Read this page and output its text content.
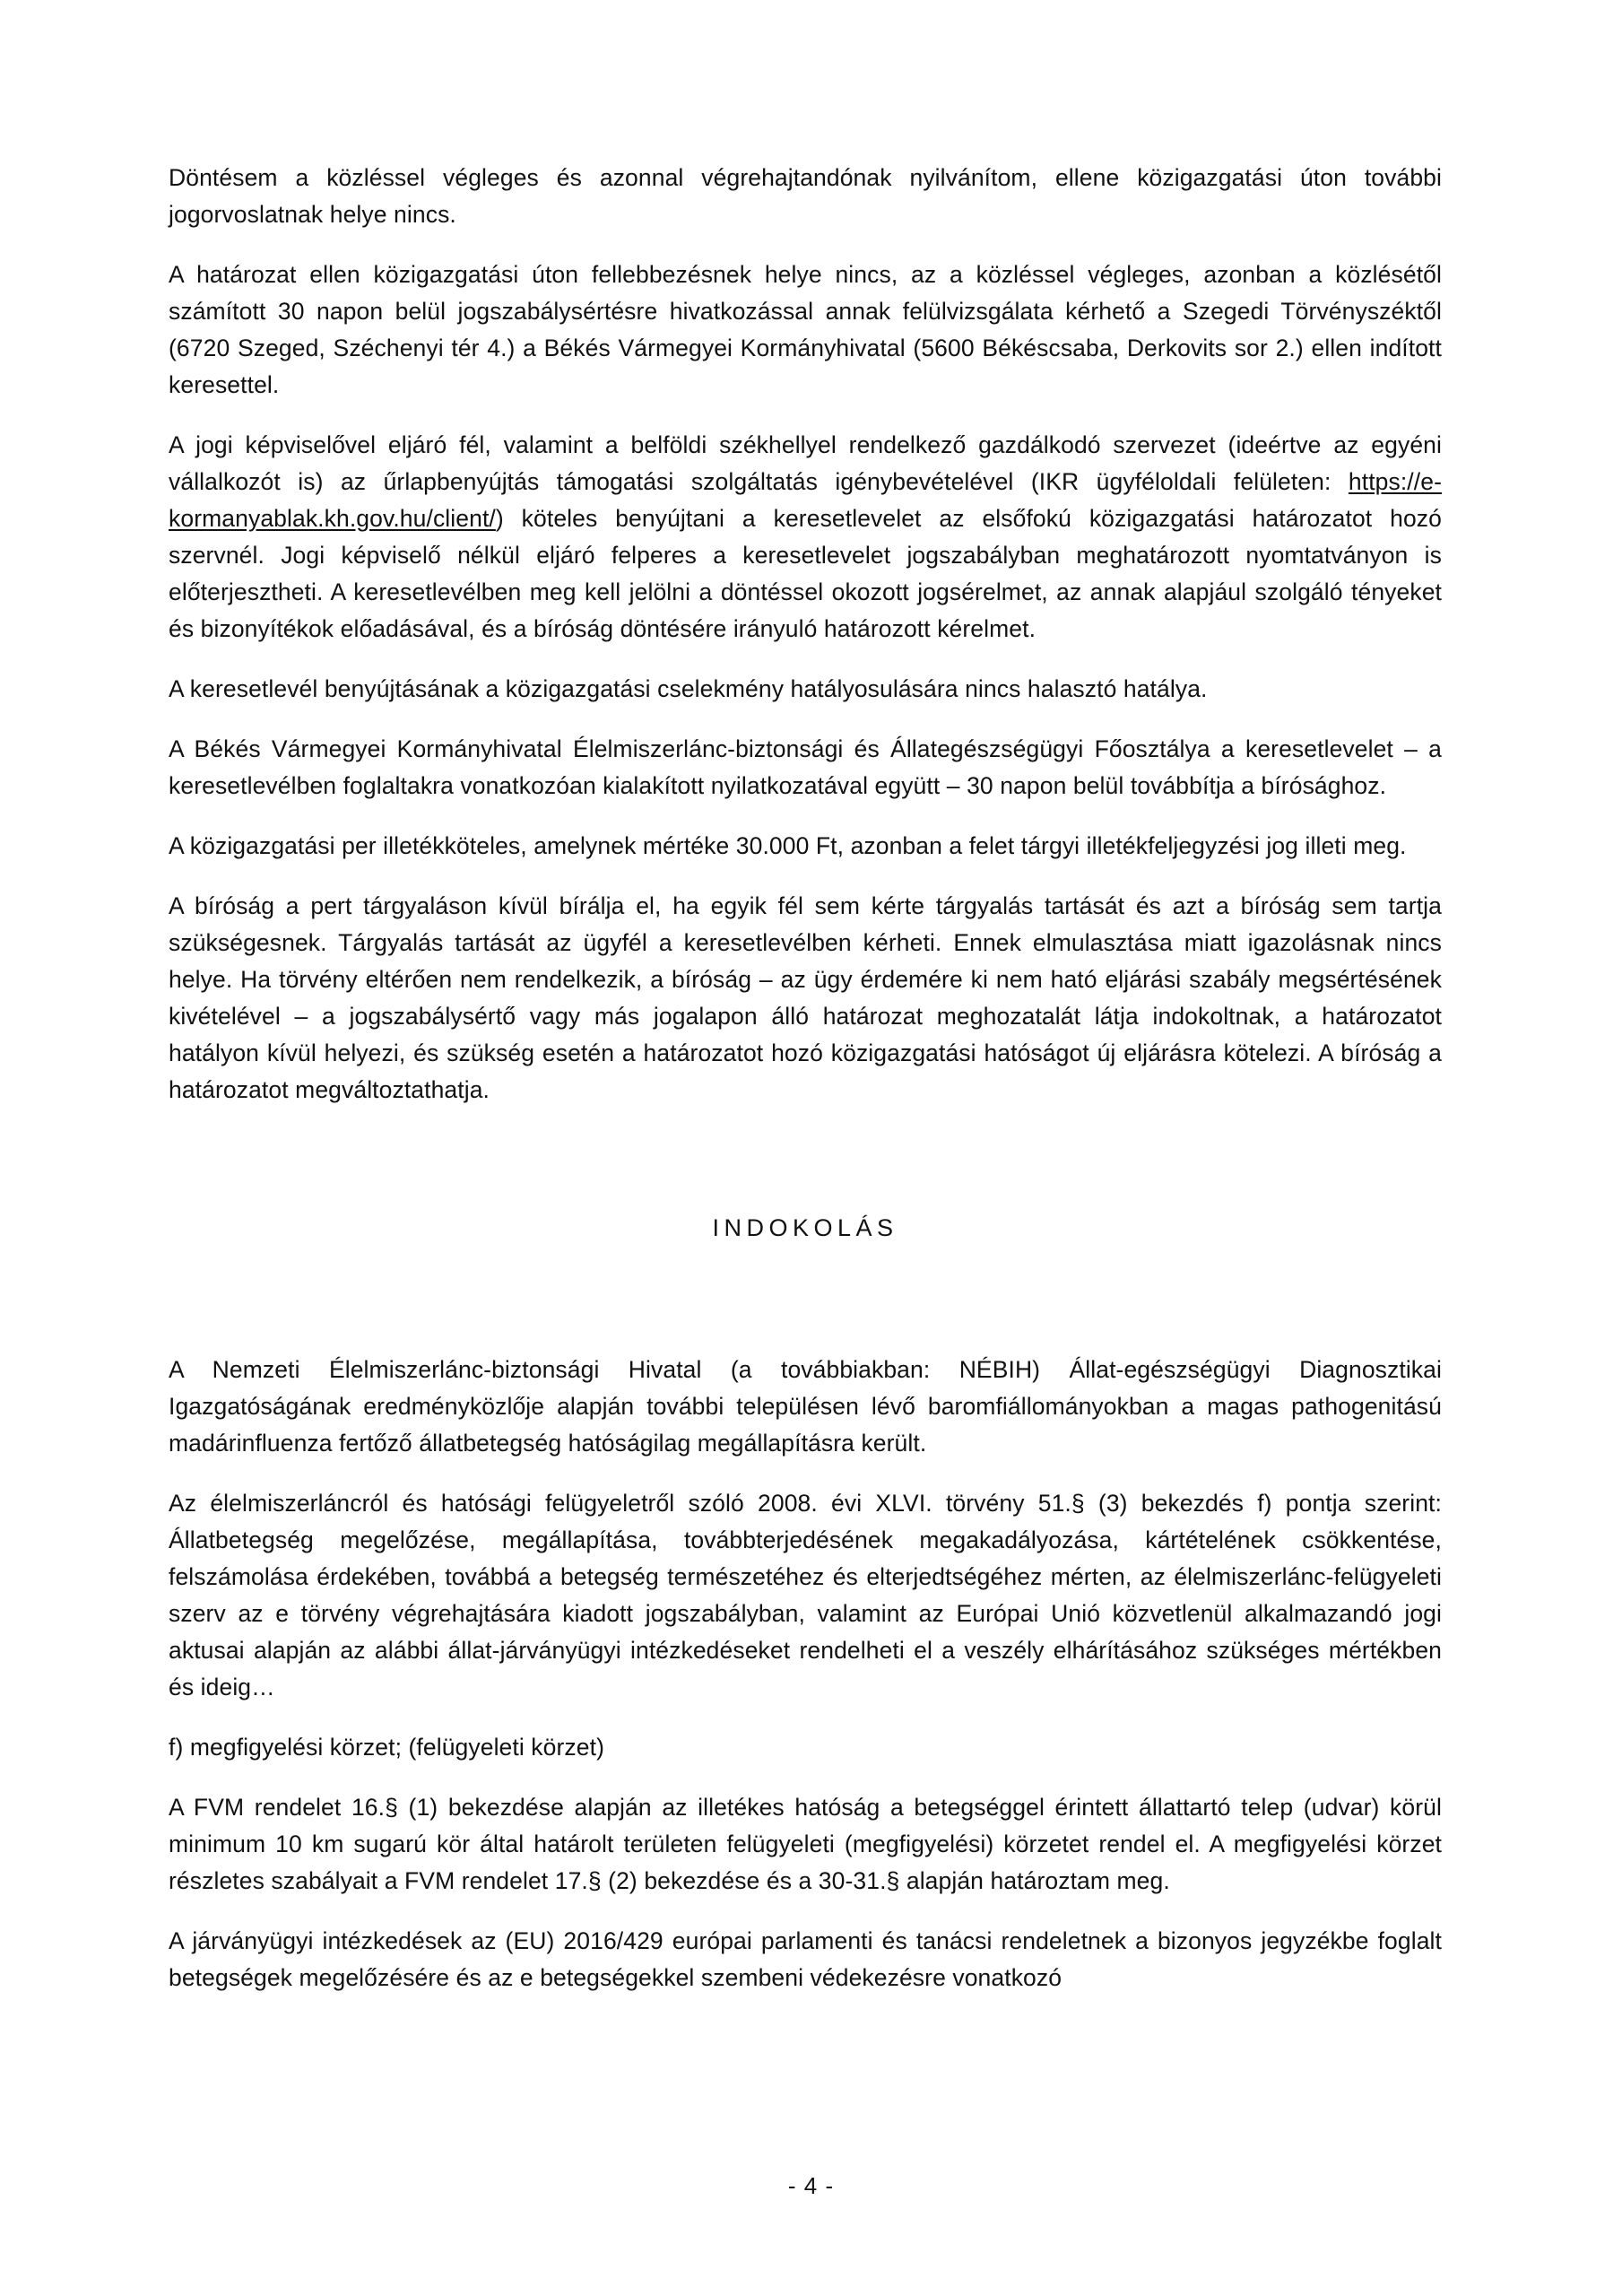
Döntésem a közléssel végleges és azonnal végrehajtandónak nyilvánítom, ellene közigazgatási úton további jogorvoslatnak helye nincs.

A határozat ellen közigazgatási úton fellebbezésnek helye nincs, az a közléssel végleges, azonban a közlésétől számított 30 napon belül jogszabálysértésre hivatkozással annak felülvizsgálata kérhető a Szegedi Törvényszéktől (6720 Szeged, Széchenyi tér 4.) a Békés Vármegyei Kormányhivatal (5600 Békéscsaba, Derkovits sor 2.) ellen indított keresettel.

A jogi képviselővel eljáró fél, valamint a belföldi székhellyel rendelkező gazdálkodó szervezet (ideértve az egyéni vállalkozót is) az űrlapbenyújtás támogatási szolgáltatás igénybevételével (IKR ügyféloldali felületen: https://e-kormanyablak.kh.gov.hu/client/) köteles benyújtani a keresetlevelet az elsőfokú közigazgatási határozatot hozó szervnél. Jogi képviselő nélkül eljáró felperes a keresetlevelet jogszabályban meghatározott nyomtatványon is előterjesztheti. A keresetlevélben meg kell jelölni a döntéssel okozott jogsérelmet, az annak alapjául szolgáló tényeket és bizonyítékok előadásával, és a bíróság döntésére irányuló határozott kérelmet.

A keresetlevél benyújtásának a közigazgatási cselekmény hatályosulására nincs halasztó hatálya.

A Békés Vármegyei Kormányhivatal Élelmiszerlánc-biztonsági és Állategészségügyi Főosztálya a keresetlevelet – a keresetlevélben foglaltakra vonatkozóan kialakított nyilatkozatával együtt – 30 napon belül továbbítja a bírósághoz.

A közigazgatási per illetékköteles, amelynek mértéke 30.000 Ft, azonban a felet tárgyi illetékfeljegyzési jog illeti meg.

A bíróság a pert tárgyaláson kívül bírálja el, ha egyik fél sem kérte tárgyalás tartását és azt a bíróság sem tartja szükségesnek. Tárgyalás tartását az ügyfél a keresetlevélben kérheti. Ennek elmulasztása miatt igazolásnak nincs helye. Ha törvény eltérően nem rendelkezik, a bíróság – az ügy érdemére ki nem ható eljárási szabály megsértésének kivételével – a jogszabálysértő vagy más jogalapon álló határozat meghozatalát látja indokoltnak, a határozatot hatályon kívül helyezi, és szükség esetén a határozatot hozó közigazgatási hatóságot új eljárásra kötelezi. A bíróság a határozatot megváltoztathatja.

INDOKOLÁS

A Nemzeti Élelmiszerlánc-biztonsági Hivatal (a továbbiakban: NÉBIH) Állat-egészségügyi Diagnosztikai Igazgatóságának eredményközlője alapján további településen lévő baromfiállományokban a magas pathogenitású madárinfluenza fertőző állatbetegség hatóságilag megállapításra került.

Az élelmiszerláncról és hatósági felügyeletről szóló 2008. évi XLVI. törvény 51.§ (3) bekezdés f) pontja szerint: Állatbetegség megelőzése, megállapítása, továbbterjedésének megakadályozása, kártételének csökkentése, felszámolása érdekében, továbbá a betegség természetéhez és elterjedtségéhez mérten, az élelmiszerlánc-felügyeleti szerv az e törvény végrehajtására kiadott jogszabályban, valamint az Európai Unió közvetlenül alkalmazandó jogi aktusai alapján az alábbi állat-járványügyi intézkedéseket rendelheti el a veszély elhárításához szükséges mértékben és ideig…

f) megfigyelési körzet; (felügyeleti körzet)

A FVM rendelet 16.§ (1) bekezdése alapján az illetékes hatóság a betegséggel érintett állattartó telep (udvar) körül minimum 10 km sugarú kör által határolt területen felügyeleti (megfigyelési) körzetet rendel el. A megfigyelési körzet részletes szabályait a FVM rendelet 17.§ (2) bekezdése és a 30-31.§ alapján határoztam meg.

A járványügyi intézkedések az (EU) 2016/429 európai parlamenti és tanácsi rendeletnek a bizonyos jegyzékbe foglalt betegségek megelőzésére és az e betegségekkel szembeni védekezésre vonatkozó

- 4 -
